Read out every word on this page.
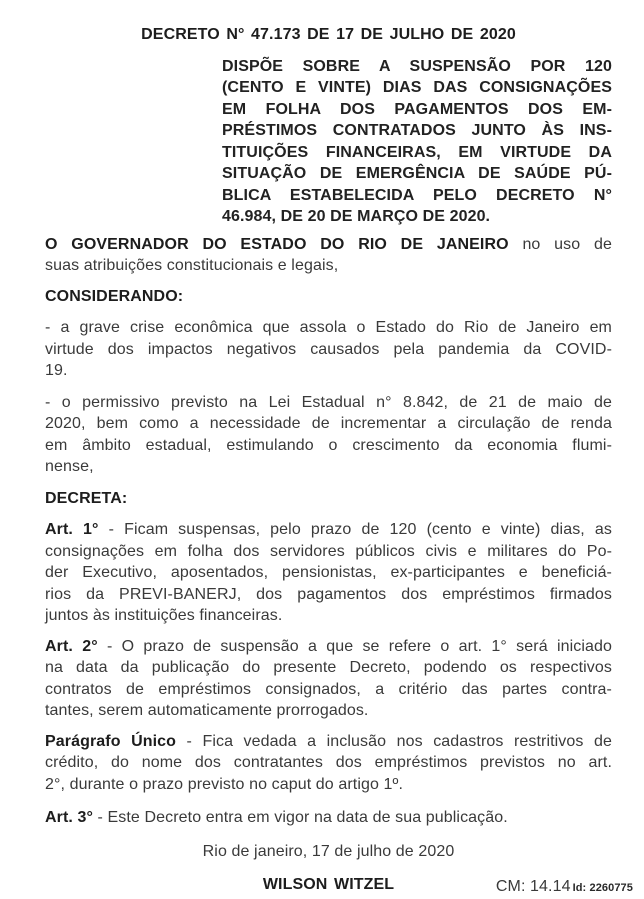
DECRETO N° 47.173 DE 17 DE JULHO DE 2020
DISPÕE SOBRE A SUSPENSÃO POR 120
(CENTO E VINTE) DIAS DAS CONSIGNAÇÕES
EM FOLHA DOS PAGAMENTOS DOS EM-
PRÉSTIMOS CONTRATADOS JUNTO ÀS INS-
TITUIÇÕES FINANCEIRAS, EM VIRTUDE DA
SITUAÇÃO DE EMERGÊNCIA DE SAÚDE PÚ-
BLICA ESTABELECIDA PELO DECRETO N°
46.984, DE 20 DE MARÇO DE 2020.
O GOVERNADOR DO ESTADO DO RIO DE JANEIRO no uso de
suas atribuições constitucionais e legais,
CONSIDERANDO:
- a grave crise econômica que assola o Estado do Rio de Janeiro em
virtude dos impactos negativos causados pela pandemia da COVID-
19.
- o permissivo previsto na Lei Estadual n° 8.842, de 21 de maio de
2020, bem como a necessidade de incrementar a circulação de renda
em âmbito estadual, estimulando o crescimento da economia flumi-
nense,
DECRETA:
Art. 1° - Ficam suspensas, pelo prazo de 120 (cento e vinte) dias, as
consignações em folha dos servidores públicos civis e militares do Po-
der Executivo, aposentados, pensionistas, ex-participantes e beneficiá-
rios da PREVI-BANERJ, dos pagamentos dos empréstimos firmados
juntos às instituições financeiras.
Art. 2° - O prazo de suspensão a que se refere o art. 1° será iniciado
na data da publicação do presente Decreto, podendo os respectivos
contratos de empréstimos consignados, a critério das partes contra-
tantes, serem automaticamente prorrogados.
Parágrafo Único - Fica vedada a inclusão nos cadastros restritivos de
crédito, do nome dos contratantes dos empréstimos previstos no art.
2°, durante o prazo previsto no caput do artigo 1º.
Art. 3° - Este Decreto entra em vigor na data de sua publicação.
Rio de janeiro, 17 de julho de 2020
WILSON WITZEL	CM: 14.14 Id: 2260775
